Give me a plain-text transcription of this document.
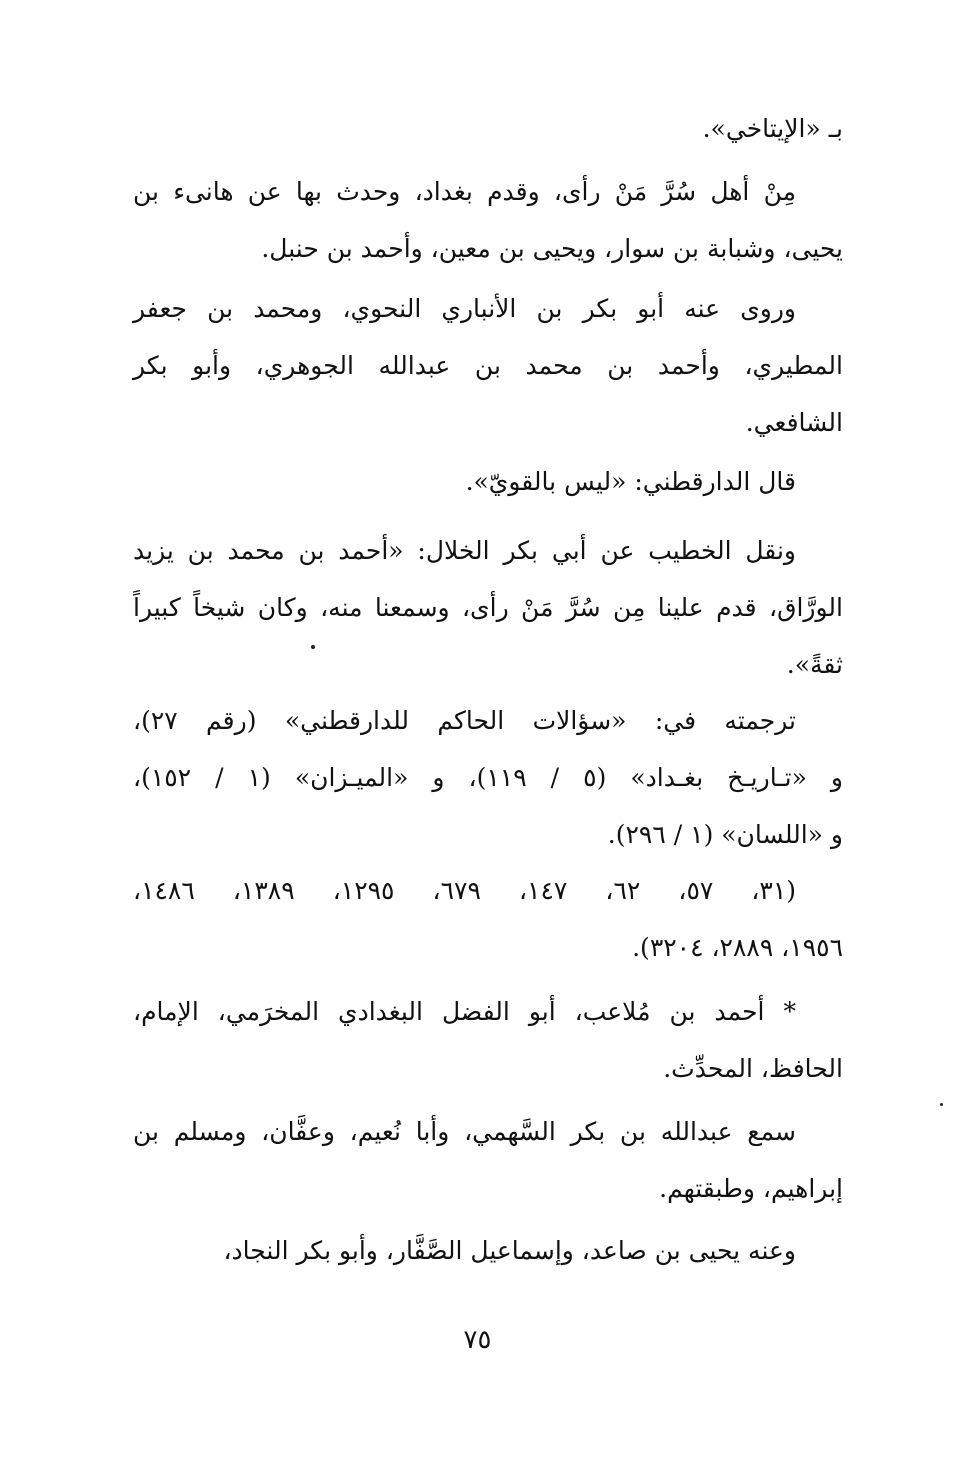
بـ «الإيتاخي».
مِنْ أهل سُرَّ مَنْ رأى، وقدم بغداد، وحدث بها عن هانىء بن
يحيى، وشبابة بن سوار، ويحيى بن معين، وأحمد بن حنبل.
وروى عنه أبو بكر بن الأنباري النحوي، ومحمد بن جعفر
المطيري، وأحمد بن محمد بن عبدالله الجوهري، وأبو بكر
الشافعي.
قال الدارقطني: «ليس بالقويّ».
ونقل الخطيب عن أبي بكر الخلال: «أحمد بن محمد بن يزيد
الورَّاق، قدم علينا مِن سُرَّ مَنْ رأى، وسمعنا منه، وكان شيخاً كبيراً
ثقةً».
ترجمته في: «سؤالات الحاكم للدارقطني» (رقم ٢٧)،
و «تـاريـخ بغـداد» (٥ / ١١٩)، و «الميـزان» (١ / ١٥٢)،
و «اللسان» (١ / ٢٩٦).
(٣١، ٥٧، ٦٢، ١٤٧، ٦٧٩، ١٢٩٥، ١٣٨٩، ١٤٨٦،
١٩٥٦، ٢٨٨٩، ٣٢٠٤).
* أحمد بن مُلاعب، أبو الفضل البغدادي المخرَمي، الإمام،
الحافظ، المحدِّث.
سمع عبدالله بن بكر السَّهمي، وأبا نُعيم، وعفَّان، ومسلم بن
إبراهيم، وطبقتهم.
وعنه يحيى بن صاعد، وإسماعيل الصَّفَّار، وأبو بكر النجاد،
٧٥
